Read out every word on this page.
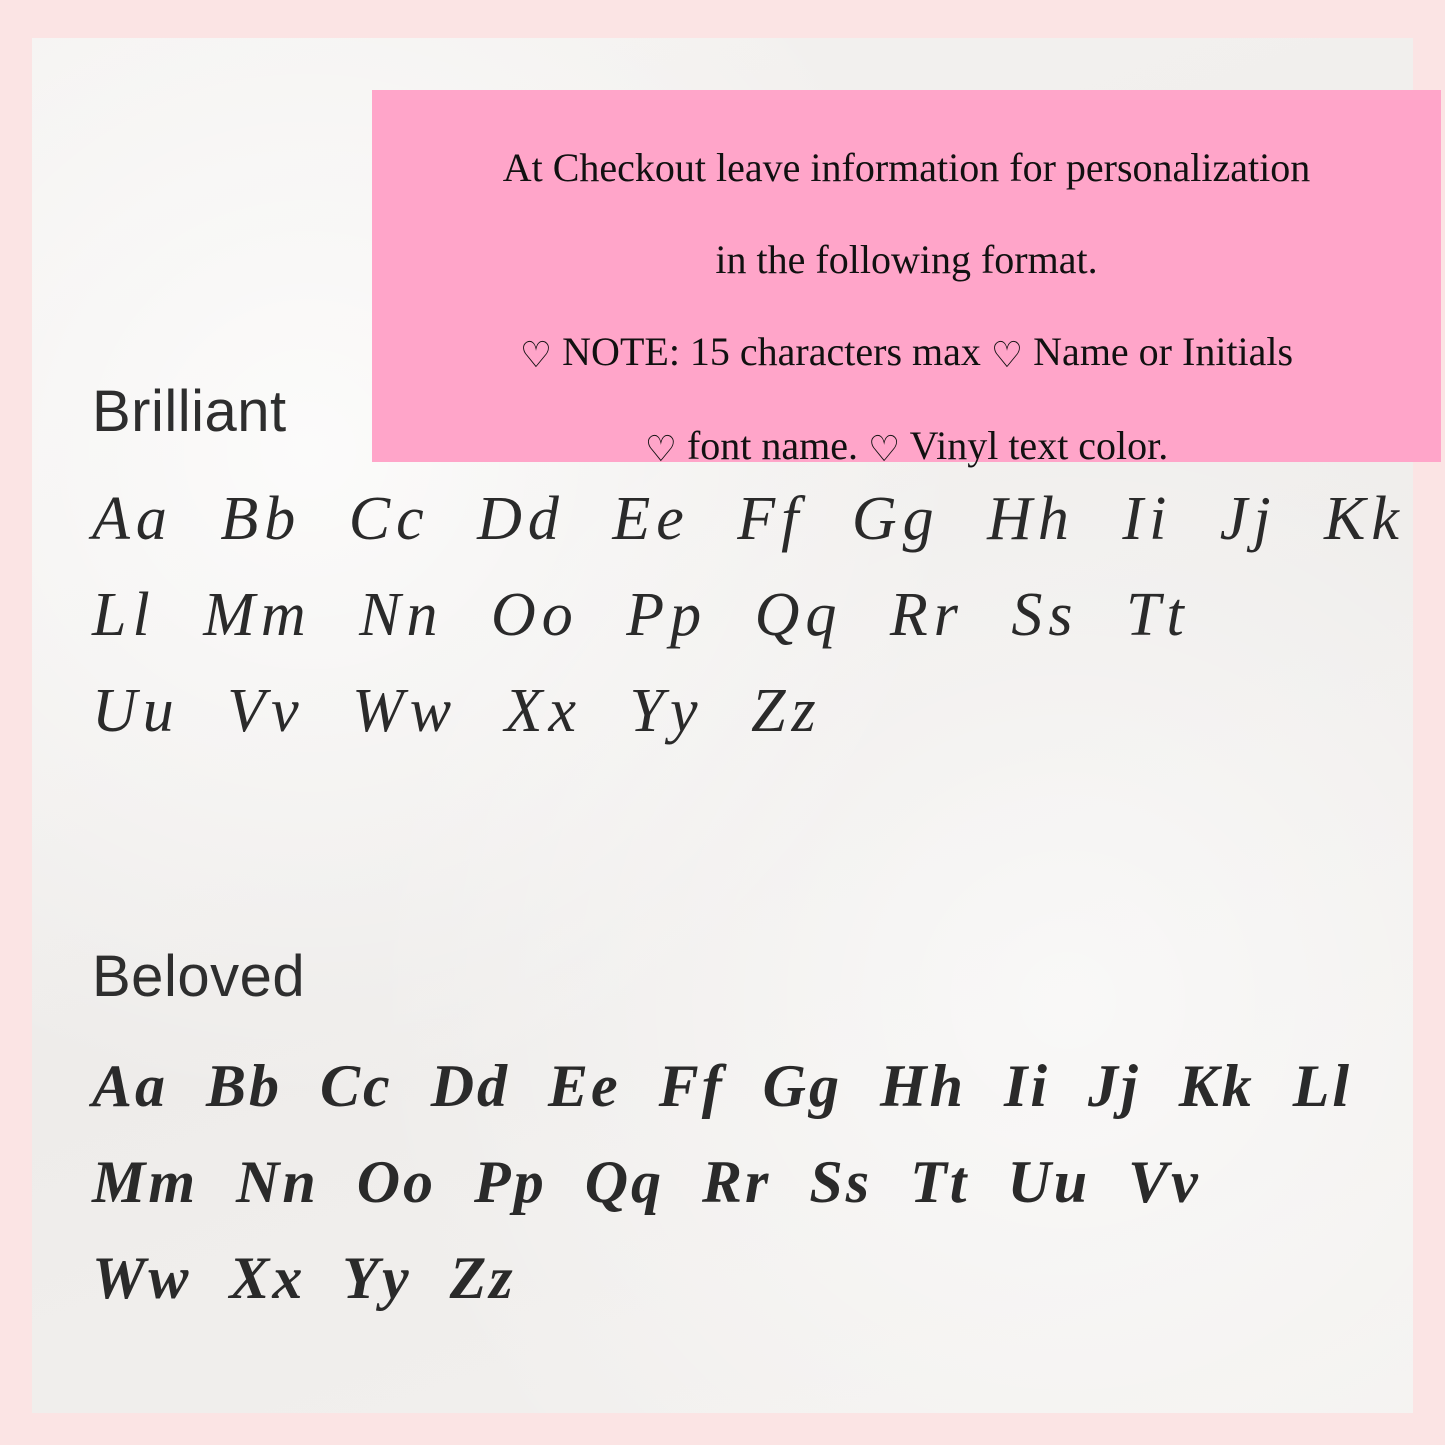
At Checkout leave information for personalization

in the following format.

♡ NOTE: 15 characters max ♡ Name or Initials

♡ font name. ♡ Vinyl text color.

Brilliant

Aa Bb Cc Dd Ee Ff Gg Hh Ii Jj Kk

Ll Mm Nn Oo Pp Qq Rr Ss Tt

Uu Vv Ww Xx Yy Zz

Beloved

Aa Bb Cc Dd Ee Ff Gg Hh Ii Jj Kk Ll

Mm Nn Oo Pp Qq Rr Ss Tt Uu Vv

Ww Xx Yy Zz
